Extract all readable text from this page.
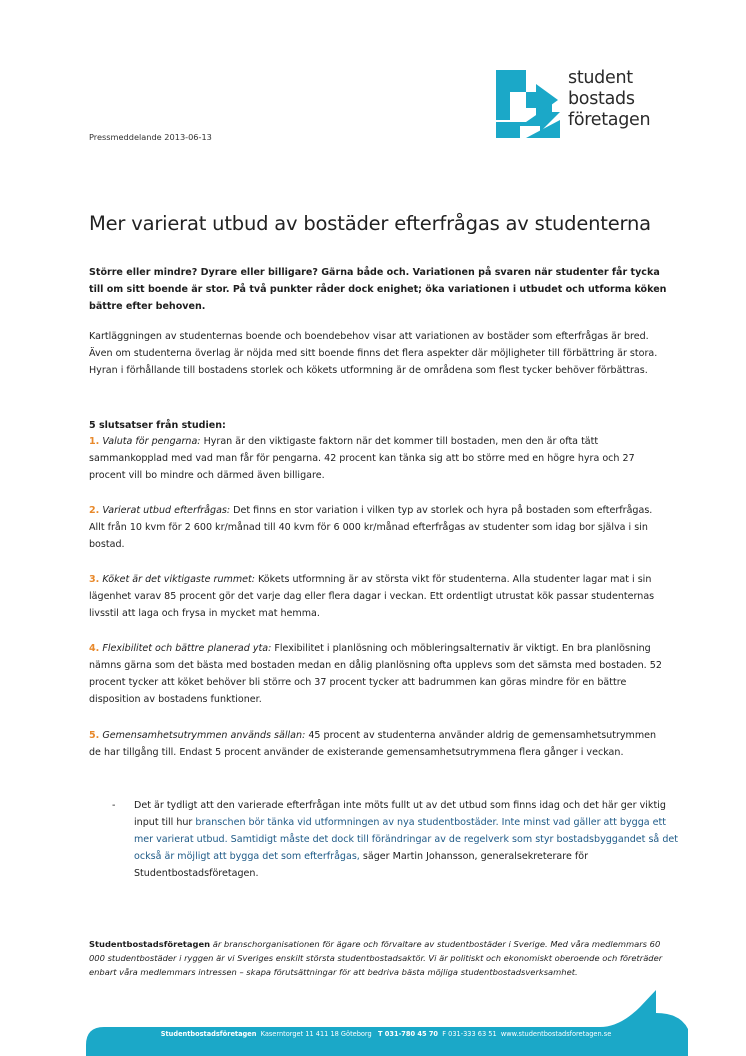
student
bostads
företagen
Pressmeddelande 2013-06-13
Mer varierat utbud av bostäder efterfrågas av studenterna
Större eller mindre? Dyrare eller billigare? Gärna både och. Variationen på svaren när studenter får tycka till om sitt boende är stor. På två punkter råder dock enighet; öka variationen i utbudet och utforma köken bättre efter behoven.
Kartläggningen av studenternas boende och boendebehov visar att variationen av bostäder som efterfrågas är bred. Även om studenterna överlag är nöjda med sitt boende finns det flera aspekter där möjligheter till förbättring är stora. Hyran i förhållande till bostadens storlek och kökets utformning är de områdena som flest tycker behöver förbättras.
5 slutsatser från studien:
1. Valuta för pengarna: Hyran är den viktigaste faktorn när det kommer till bostaden, men den är ofta tätt sammankopplad med vad man får för pengarna. 42 procent kan tänka sig att bo större med en högre hyra och 27 procent vill bo mindre och därmed även billigare.
2. Varierat utbud efterfrågas: Det finns en stor variation i vilken typ av storlek och hyra på bostaden som efterfrågas. Allt från 10 kvm för 2 600 kr/månad till 40 kvm för 6 000 kr/månad efterfrågas av studenter som idag bor själva i sin bostad.
3. Köket är det viktigaste rummet: Kökets utformning är av största vikt för studenterna. Alla studenter lagar mat i sin lägenhet varav 85 procent gör det varje dag eller flera dagar i veckan. Ett ordentligt utrustat kök passar studenternas livsstil att laga och frysa in mycket mat hemma.
4. Flexibilitet och bättre planerad yta: Flexibilitet i planlösning och möbleringsalternativ är viktigt. En bra planlösning nämns gärna som det bästa med bostaden medan en dålig planlösning ofta upplevs som det sämsta med bostaden. 52 procent tycker att köket behöver bli större och 37 procent tycker att badrummen kan göras mindre för en bättre disposition av bostadens funktioner.
5. Gemensamhetsutrymmen används sällan: 45 procent av studenterna använder aldrig de gemensamhetsutrymmen de har tillgång till. Endast 5 procent använder de existerande gemensamhetsutrymmena flera gånger i veckan.
- Det är tydligt att den varierade efterfrågan inte möts fullt ut av det utbud som finns idag och det här ger viktig input till hur branschen bör tänka vid utformningen av nya studentbostäder. Inte minst vad gäller att bygga ett mer varierat utbud. Samtidigt måste det dock till förändringar av de regelverk som styr bostadsbyggandet så det också är möjligt att bygga det som efterfrågas, säger Martin Johansson, generalsekreterare för Studentbostadsföretagen.
Studentbostadsföretagen är branschorganisationen för ägare och förvaltare av studentbostäder i Sverige. Med våra medlemmars 60 000 studentbostäder i ryggen är vi Sveriges enskilt största studentbostadsaktör. Vi är politiskt och ekonomiskt oberoende och företräder enbart våra medlemmars intressen – skapa förutsättningar för att bedriva bästa möjliga studentbostadsverksamhet.
Studentbostadsföretagen Kaserntorget 11 411 18 Göteborg T 031-780 45 70 F 031-333 63 51 www.studentbostadsforetagen.se
